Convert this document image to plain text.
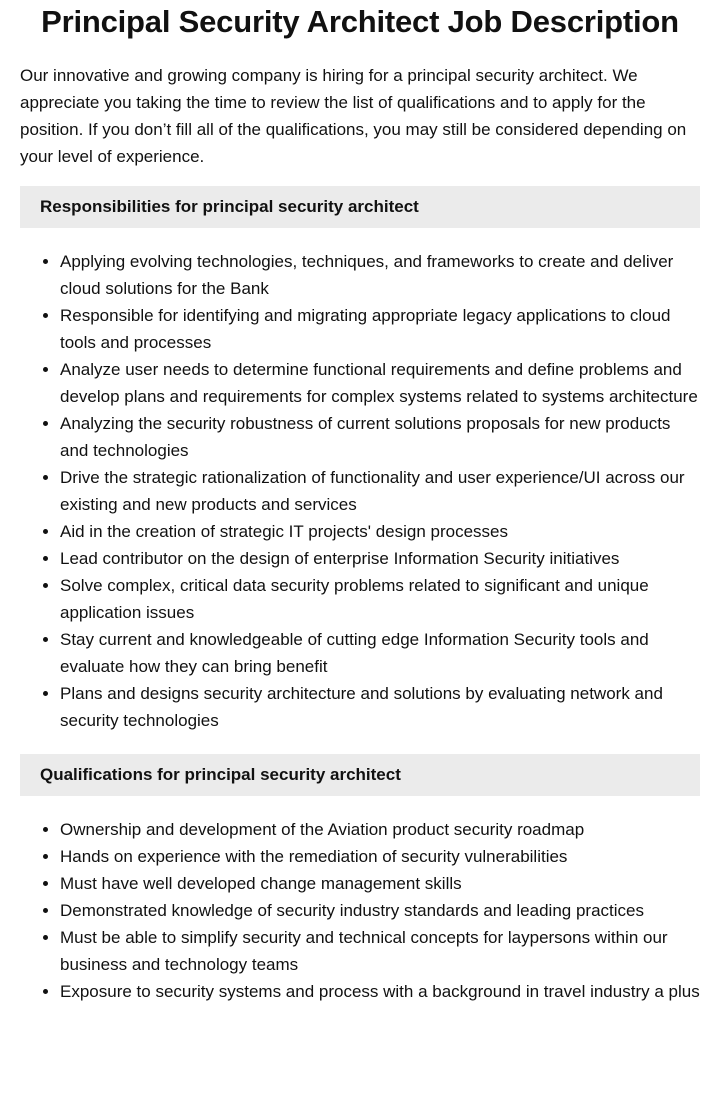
Principal Security Architect Job Description

Our innovative and growing company is hiring for a principal security architect. We appreciate you taking the time to review the list of qualifications and to apply for the position. If you don’t fill all of the qualifications, you may still be considered depending on your level of experience.

Responsibilities for principal security architect
• Applying evolving technologies, techniques, and frameworks to create and deliver cloud solutions for the Bank
• Responsible for identifying and migrating appropriate legacy applications to cloud tools and processes
• Analyze user needs to determine functional requirements and define problems and develop plans and requirements for complex systems related to systems architecture
• Analyzing the security robustness of current solutions proposals for new products and technologies
• Drive the strategic rationalization of functionality and user experience/UI across our existing and new products and services
• Aid in the creation of strategic IT projects' design processes
• Lead contributor on the design of enterprise Information Security initiatives
• Solve complex, critical data security problems related to significant and unique application issues
• Stay current and knowledgeable of cutting edge Information Security tools and evaluate how they can bring benefit
• Plans and designs security architecture and solutions by evaluating network and security technologies
Qualifications for principal security architect
• Ownership and development of the Aviation product security roadmap
• Hands on experience with the remediation of security vulnerabilities
• Must have well developed change management skills
• Demonstrated knowledge of security industry standards and leading practices
• Must be able to simplify security and technical concepts for laypersons within our business and technology teams
• Exposure to security systems and process with a background in travel industry a plus
